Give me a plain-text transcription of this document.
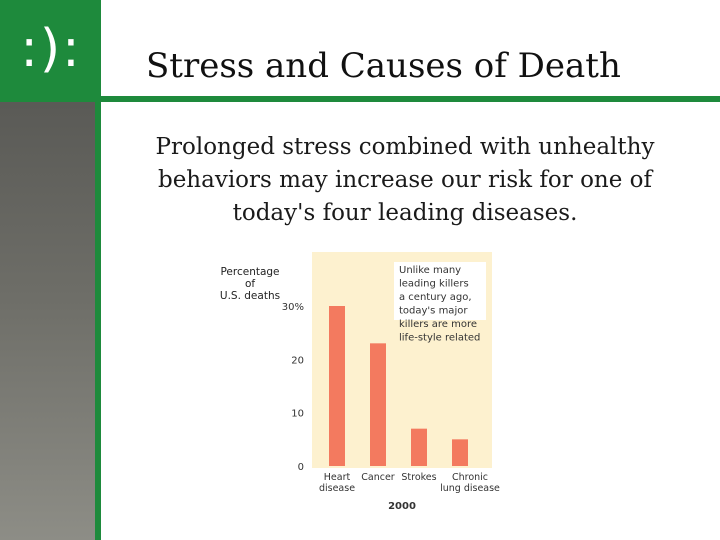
:):	Stress and Causes of Death
Prolonged stress combined with unhealthy behaviors may increase our risk for one of today's four leading diseases.
Percentage
of
U.S. deaths
0
10
20
30%
Heart
disease
Cancer Strokes Chronic
lung disease
2000
Unlike many
leading killers
a century ago,
today's major
killers are more
life-style related
